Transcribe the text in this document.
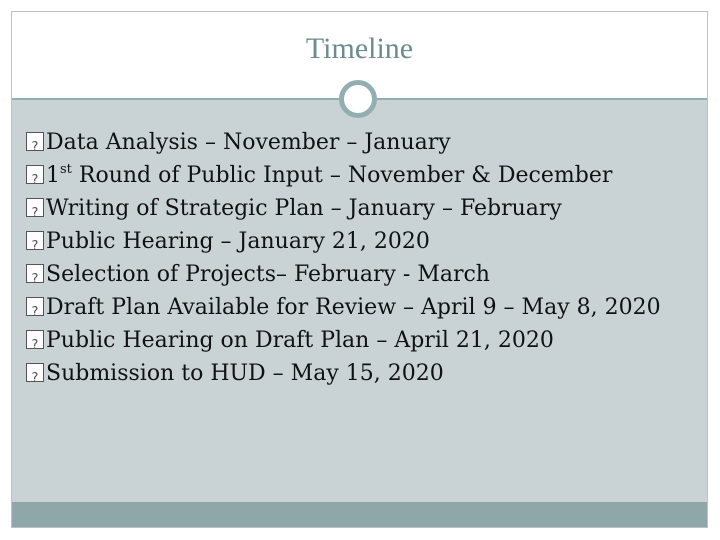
Timeline
?Data Analysis – November – January
?1st Round of Public Input – November & December
?Writing of Strategic Plan – January – February
?Public Hearing – January 21, 2020
?Selection of Projects– February - March
?Draft Plan Available for Review – April 9 – May 8, 2020
?Public Hearing on Draft Plan – April 21, 2020
?Submission to HUD – May 15, 2020
